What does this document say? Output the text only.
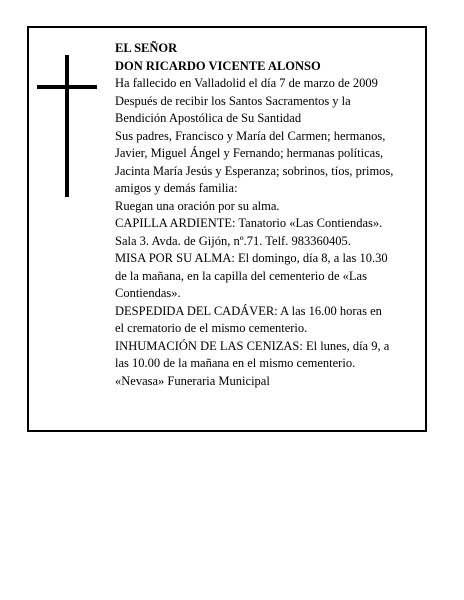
EL SEÑOR
DON RICARDO VICENTE ALONSO
Ha fallecido en Valladolid el día 7 de marzo de 2009
Después de recibir los Santos Sacramentos y la
Bendición Apostólica de Su Santidad
Sus padres, Francisco y María del Carmen; hermanos,
Javier, Miguel Ángel y Fernando; hermanas políticas,
Jacinta María Jesús y Esperanza; sobrinos, tíos, primos,
amigos y demás familia:
Ruegan una oración por su alma.
CAPILLA ARDIENTE: Tanatorio «Las Contiendas».
Sala 3. Avda. de Gijón, nº.71. Telf. 983360405.
MISA POR SU ALMA: El domingo, día 8, a las 10.30
de la mañana, en la capilla del cementerio de «Las
Contiendas».
DESPEDIDA DEL CADÁVER: A las 16.00 horas en
el crematorio de el mismo cementerio.
INHUMACIÓN DE LAS CENIZAS: El lunes, día 9, a
las 10.00 de la mañana en el mismo cementerio.
«Nevasa» Funeraria Municipal
